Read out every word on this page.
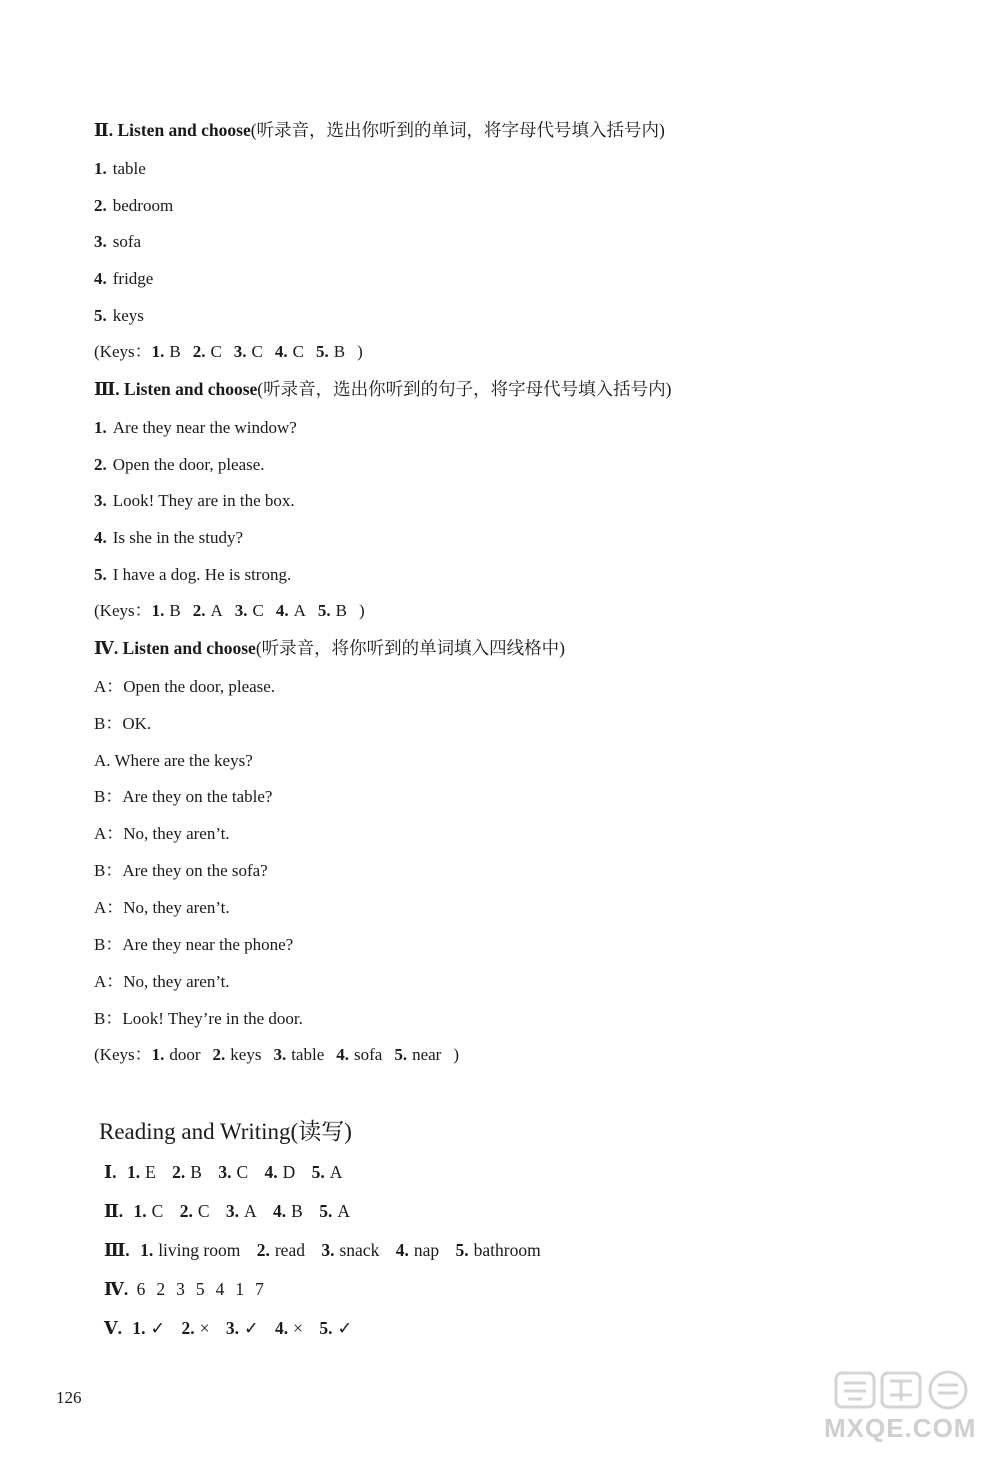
Ⅱ. Listen and choose(听录音，选出你听到的单词，将字母代号填入括号内)
1. table
2. bedroom
3. sofa
4. fridge
5. keys
(Keys：1. B 2. C 3. C 4. C 5. B )
Ⅲ. Listen and choose(听录音，选出你听到的句子，将字母代号填入括号内)
1. Are they near the window?
2. Open the door, please.
3. Look! They are in the box.
4. Is she in the study?
5. I have a dog. He is strong.
(Keys：1. B 2. A 3. C 4. A 5. B )
Ⅳ. Listen and choose(听录音，将你听到的单词填入四线格中)
A：Open the door, please.
B：OK.
A. Where are the keys?
B：Are they on the table?
A：No, they aren’t.
B：Are they on the sofa?
A：No, they aren’t.
B：Are they near the phone?
A：No, they aren’t.
B：Look! They’re in the door.
(Keys：1. door 2. keys 3. table 4. sofa 5. near )
Reading and Writing(读写)
Ⅰ. 1. E 2. B 3. C 4. D 5. A
Ⅱ. 1. C 2. C 3. A 4. B 5. A
Ⅲ. 1. living room 2. read 3. snack 4. nap 5. bathroom
Ⅳ. 6 2 3 5 4 1 7
Ⅴ. 1. ✓ 2. × 3. ✓ 4. × 5. ✓
126
MXQE.COM
